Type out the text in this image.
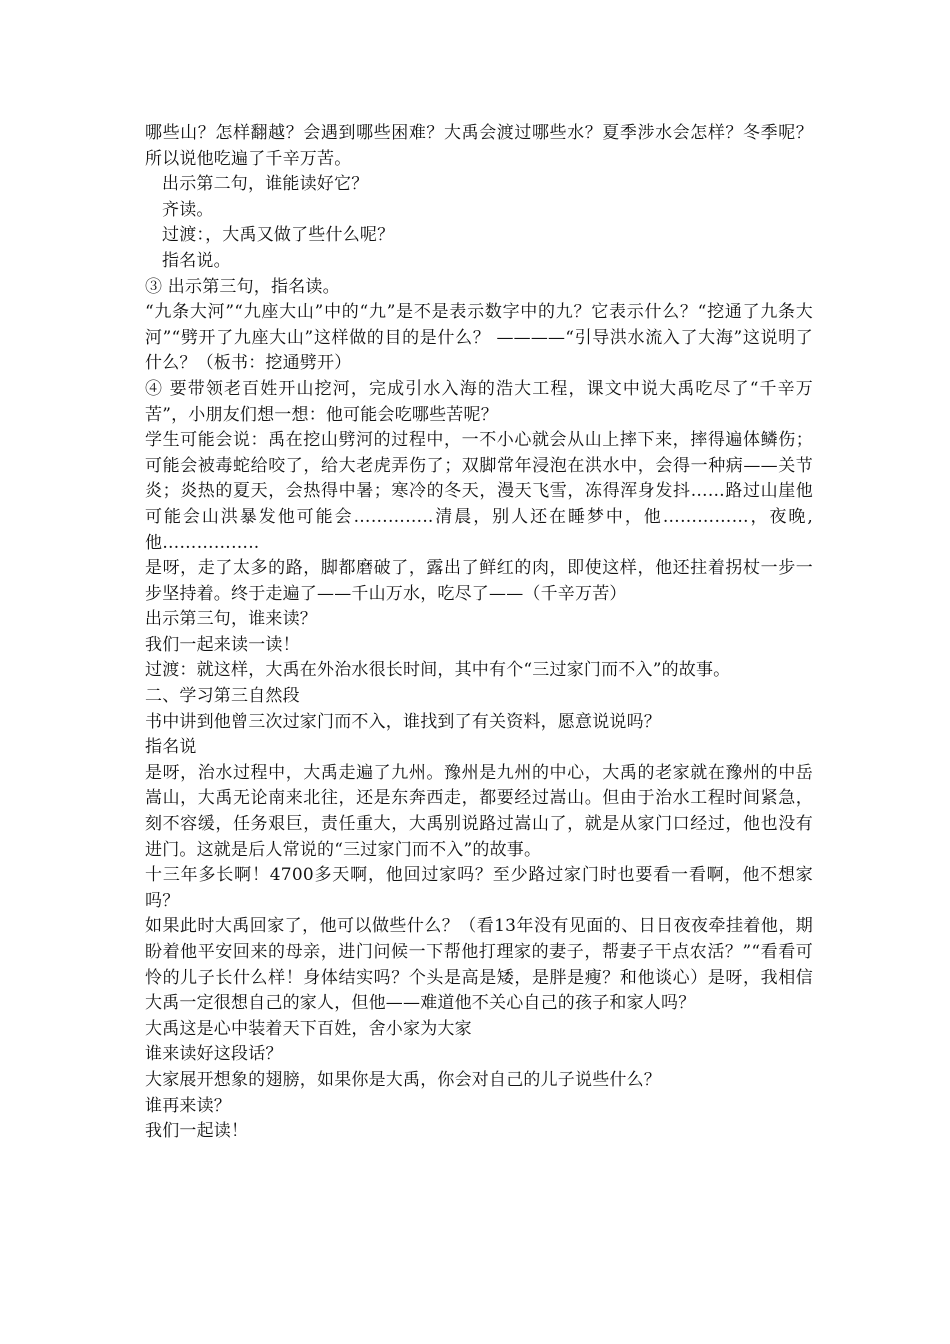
哪些山？怎样翻越？会遇到哪些困难？大禹会渡过哪些水？夏季涉水会怎样？冬季呢？所以说他吃遍了千辛万苦。

出示第二句，谁能读好它？

齐读。

过渡：，大禹又做了些什么呢？

指名说。

③ 出示第三句，指名读。

“九条大河”“九座大山”中的“九”是不是表示数字中的九？它表示什么？“挖通了九条大河”“劈开了九座大山”这样做的目的是什么？ ————“引导洪水流入了大海”这说明了什么？（板书：挖通劈开）

④ 要带领老百姓开山挖河，完成引水入海的浩大工程，课文中说大禹吃尽了“千辛万苦”，小朋友们想一想：他可能会吃哪些苦呢？

学生可能会说：禹在挖山劈河的过程中，一不小心就会从山上摔下来，摔得遍体鳞伤；可能会被毒蛇给咬了，给大老虎弄伤了；双脚常年浸泡在洪水中，会得一种病——关节炎；炎热的夏天，会热得中暑；寒冷的冬天，漫天飞雪，冻得浑身发抖……路过山崖他可能会山洪暴发他可能会…………..清晨，别人还在睡梦中，他……………，夜晚,他……………..

是呀，走了太多的路，脚都磨破了，露出了鲜红的肉，即使这样，他还拄着拐杖一步一步坚持着。终于走遍了——千山万水，吃尽了——（千辛万苦）

出示第三句，谁来读？

我们一起来读一读！

过渡：就这样，大禹在外治水很长时间，其中有个“三过家门而不入”的故事。

二、学习第三自然段

书中讲到他曾三次过家门而不入，谁找到了有关资料，愿意说说吗？

指名说

是呀，治水过程中，大禹走遍了九州。豫州是九州的中心，大禹的老家就在豫州的中岳嵩山，大禹无论南来北往，还是东奔西走，都要经过嵩山。但由于治水工程时间紧急，刻不容缓，任务艰巨，责任重大，大禹别说路过嵩山了，就是从家门口经过，他也没有进门。这就是后人常说的“三过家门而不入”的故事。

十三年多长啊！4700多天啊，他回过家吗？至少路过家门时也要看一看啊，他不想家吗？

如果此时大禹回家了，他可以做些什么？（看13年没有见面的、日日夜夜牵挂着他，期盼着他平安回来的母亲，进门问候一下帮他打理家的妻子，帮妻子干点农活？”“看看可怜的儿子长什么样！身体结实吗？个头是高是矮，是胖是瘦？和他谈心）是呀，我相信大禹一定很想自己的家人，但他——难道他不关心自己的孩子和家人吗？

大禹这是心中装着天下百姓，舍小家为大家

谁来读好这段话？

大家展开想象的翅膀，如果你是大禹，你会对自己的儿子说些什么？

谁再来读？

我们一起读！
